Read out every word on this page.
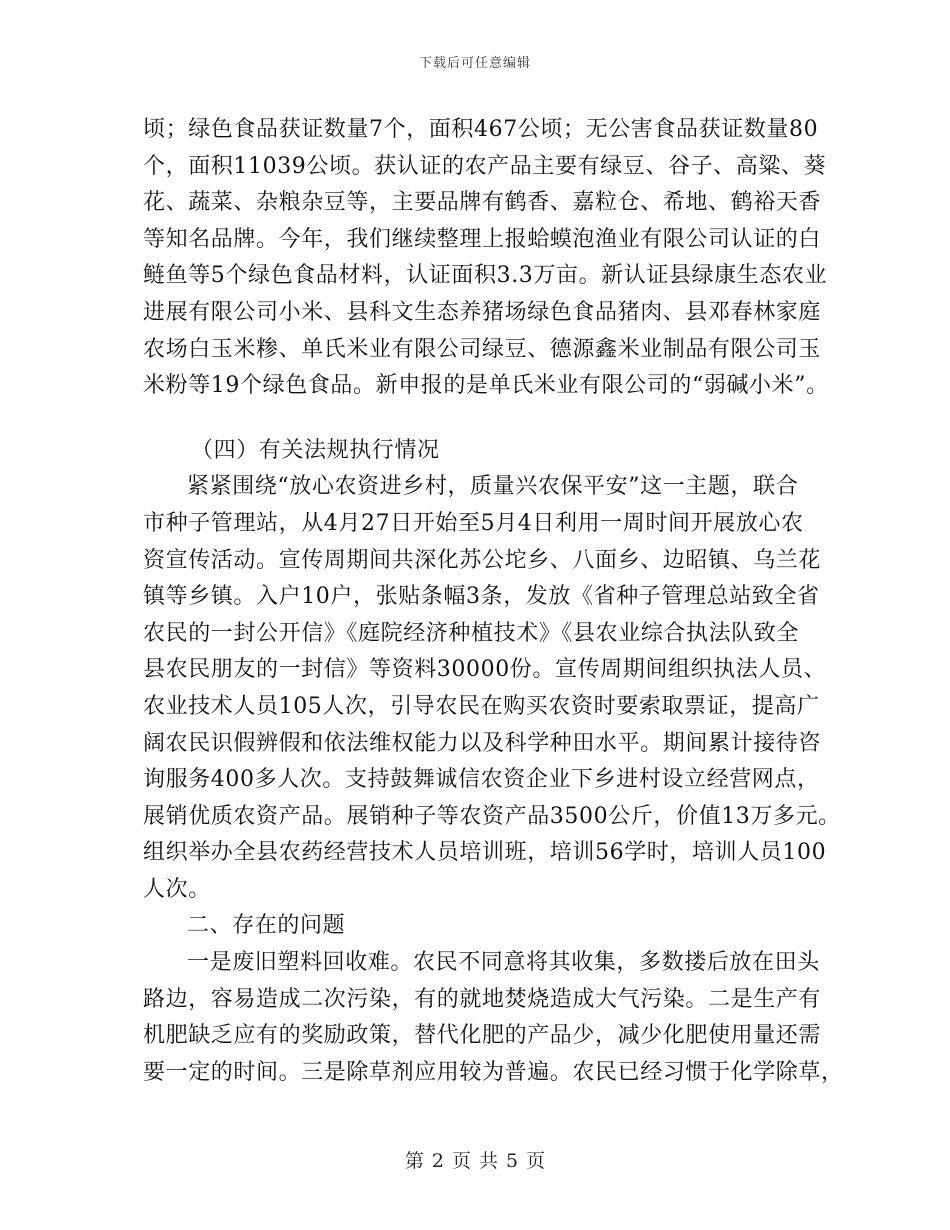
下载后可任意编辑
顷；绿色食品获证数量7个，面积467公顷；无公害食品获证数量80
个，面积11039公顷。获认证的农产品主要有绿豆、谷子、高粱、葵
花、蔬菜、杂粮杂豆等，主要品牌有鹤香、嘉粒仓、希地、鹤裕天香
等知名品牌。今年，我们继续整理上报蛤蟆泡渔业有限公司认证的白
鲢鱼等5个绿色食品材料，认证面积3.3万亩。新认证县绿康生态农业
进展有限公司小米、县科文生态养猪场绿色食品猪肉、县邓春林家庭
农场白玉米糁、单氏米业有限公司绿豆、德源鑫米业制品有限公司玉
米粉等19个绿色食品。新申报的是单氏米业有限公司的“弱碱小米”。
（四）有关法规执行情况
紧紧围绕“放心农资进乡村，质量兴农保平安”这一主题，联合
市种子管理站，从4月27日开始至5月4日利用一周时间开展放心农
资宣传活动。宣传周期间共深化苏公坨乡、八面乡、边昭镇、乌兰花
镇等乡镇。入户10户，张贴条幅3条，发放《省种子管理总站致全省
农民的一封公开信》《庭院经济种植技术》《县农业综合执法队致全
县农民朋友的一封信》等资料30000份。宣传周期间组织执法人员、
农业技术人员105人次，引导农民在购买农资时要索取票证，提高广
阔农民识假辨假和依法维权能力以及科学种田水平。期间累计接待咨
询服务400多人次。支持鼓舞诚信农资企业下乡进村设立经营网点，
展销优质农资产品。展销种子等农资产品3500公斤，价值13万多元。
组织举办全县农药经营技术人员培训班，培训56学时，培训人员100
人次。
二、存在的问题
一是废旧塑料回收难。农民不同意将其收集，多数搂后放在田头
路边，容易造成二次污染，有的就地焚烧造成大气污染。二是生产有
机肥缺乏应有的奖励政策，替代化肥的产品少，减少化肥使用量还需
要一定的时间。三是除草剂应用较为普遍。农民已经习惯于化学除草，
第 2 页 共 5 页
